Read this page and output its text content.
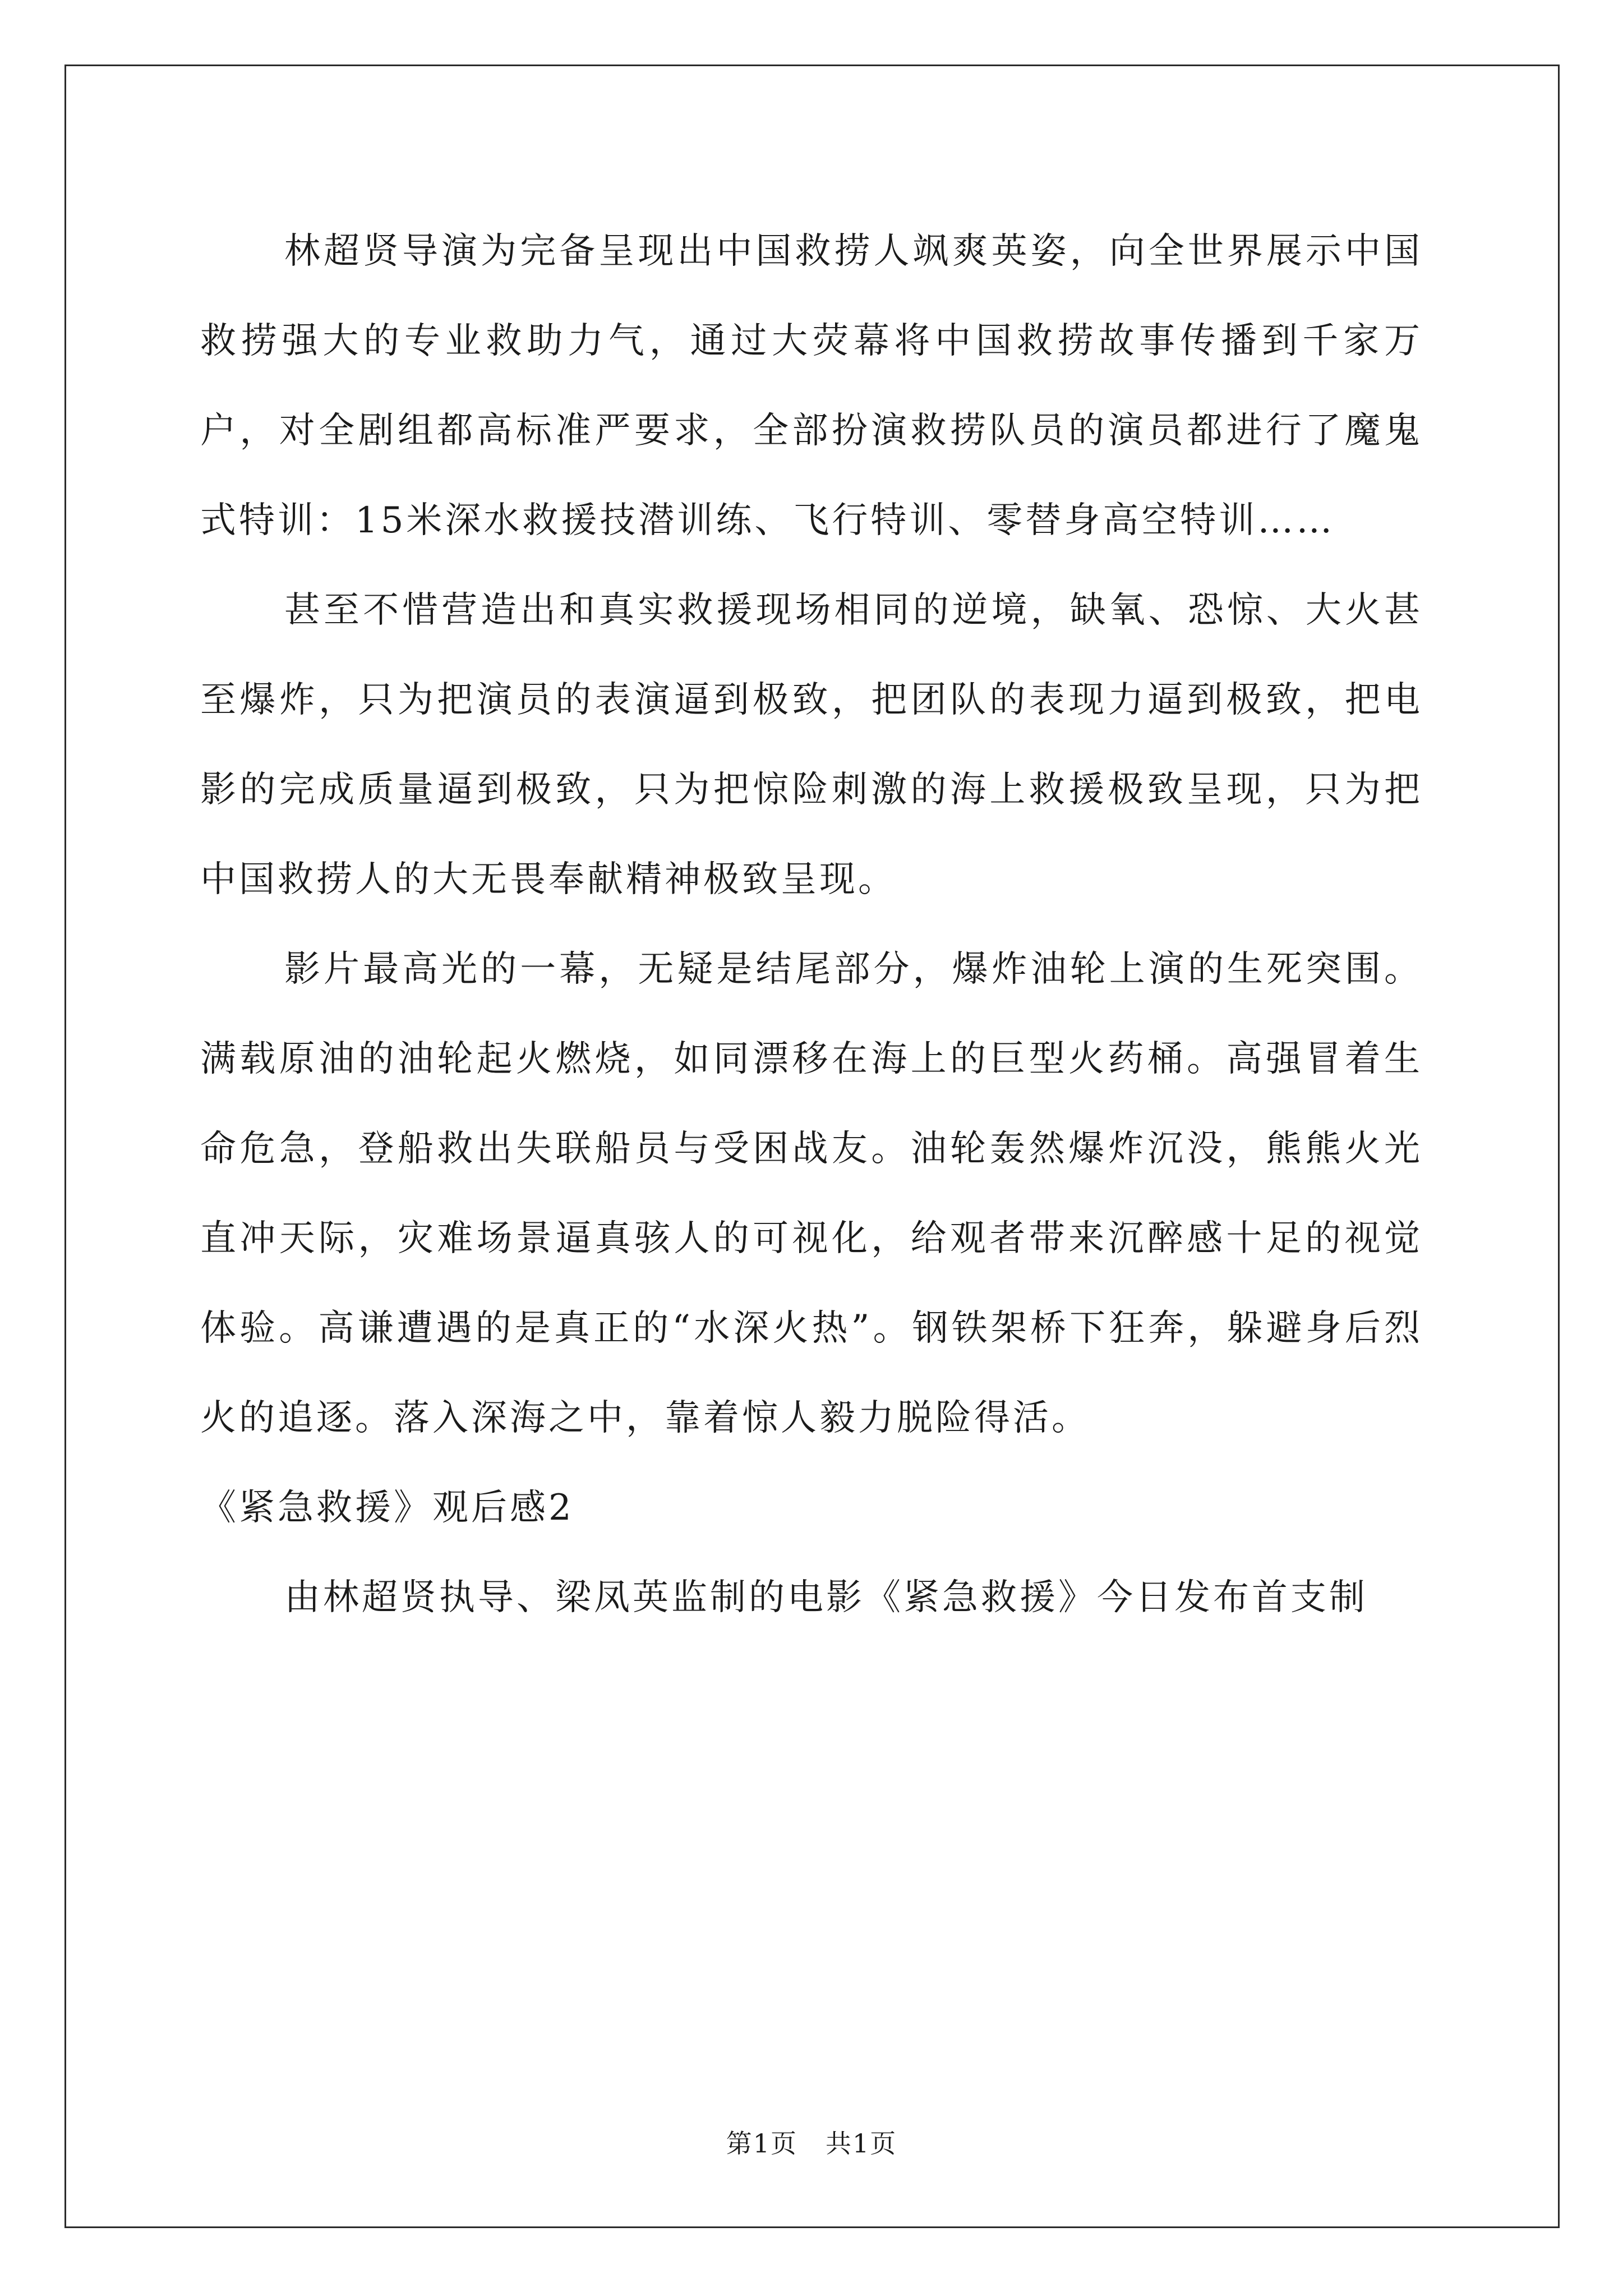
林超贤导演为完备呈现出中国救捞人飒爽英姿，向全世界展示中国救捞强大的专业救助力气，通过大荧幕将中国救捞故事传播到千家万户，对全剧组都高标准严要求，全部扮演救捞队员的演员都进行了魔鬼式特训：15米深水救援技潜训练、飞行特训、零替身高空特训……

甚至不惜营造出和真实救援现场相同的逆境，缺氧、恐惊、大火甚至爆炸，只为把演员的表演逼到极致，把团队的表现力逼到极致，把电影的完成质量逼到极致，只为把惊险刺激的海上救援极致呈现，只为把中国救捞人的大无畏奉献精神极致呈现。

影片最高光的一幕，无疑是结尾部分，爆炸油轮上演的生死突围。满载原油的油轮起火燃烧，如同漂移在海上的巨型火药桶。高强冒着生命危急，登船救出失联船员与受困战友。油轮轰然爆炸沉没，熊熊火光直冲天际，灾难场景逼真骇人的可视化，给观者带来沉醉感十足的视觉体验。高谦遭遇的是真正的“水深火热”。钢铁架桥下狂奔，躲避身后烈火的追逐。落入深海之中，靠着惊人毅力脱险得活。

《紧急救援》观后感2

由林超贤执导、梁凤英监制的电影《紧急救援》今日发布首支制

第1页 共1页
